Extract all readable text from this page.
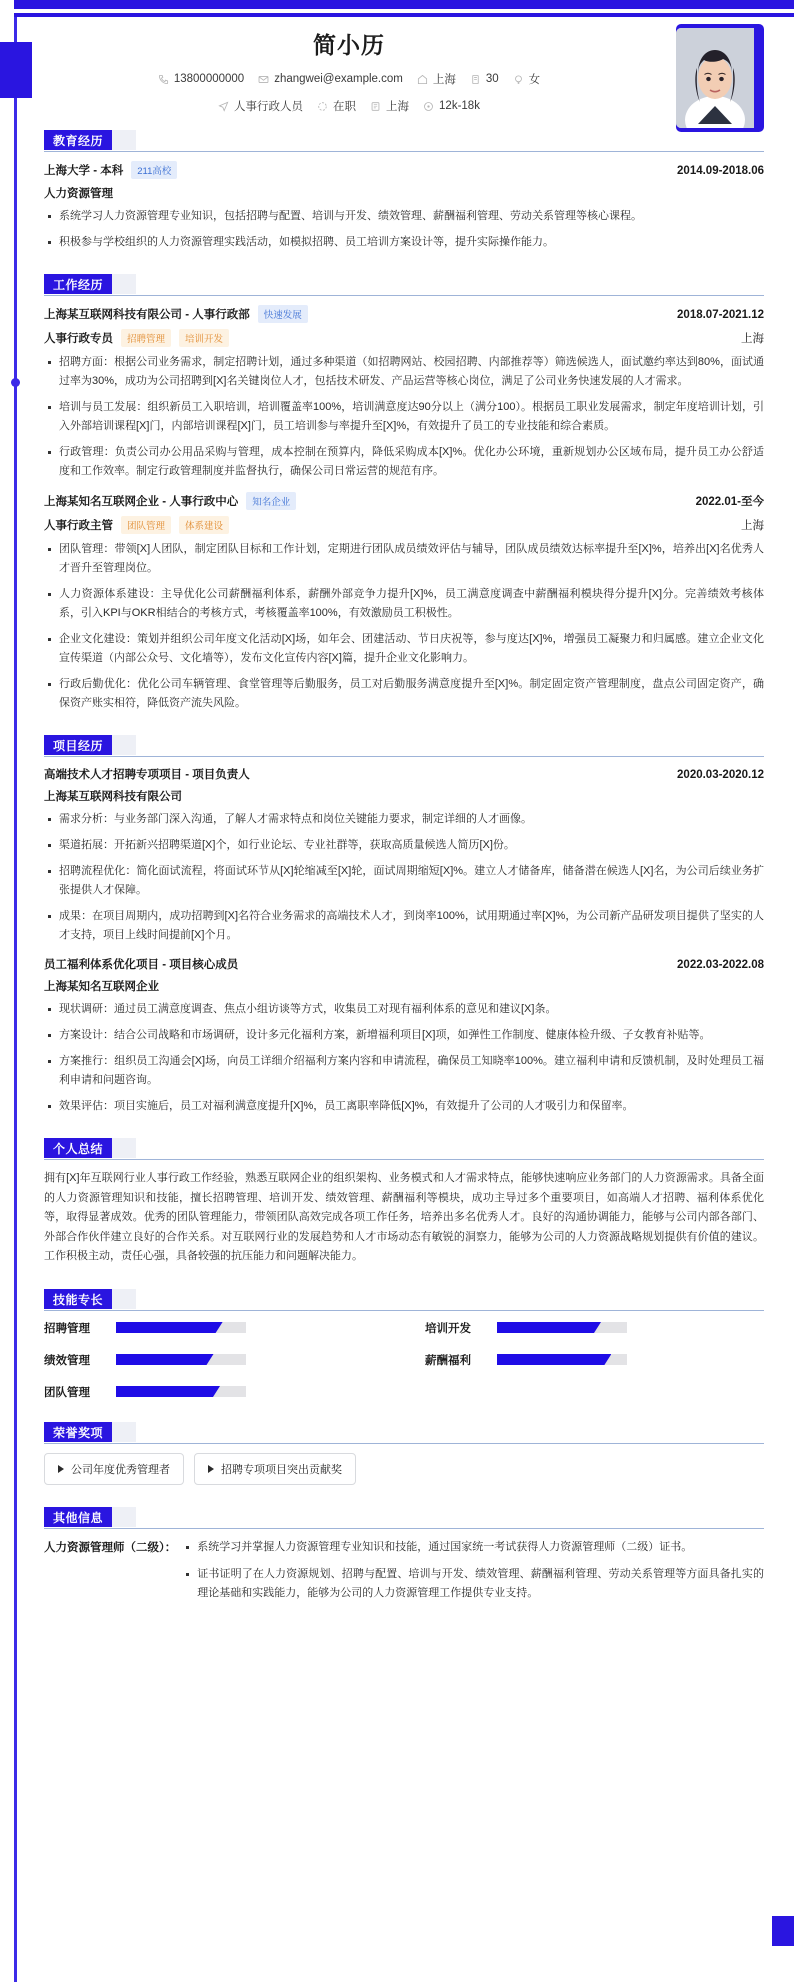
简小历
13800000000	zhangwei@example.com	上海	30	女
人事行政人员	在职	上海	12k-18k
教育经历
上海大学 - 本科	211高校	2014.09-2018.06
人力资源管理
系统学习人力资源管理专业知识，包括招聘与配置、培训与开发、绩效管理、薪酬福利管理、劳动关系管理等核心课程。
积极参与学校组织的人力资源管理实践活动，如模拟招聘、员工培训方案设计等，提升实际操作能力。
工作经历
上海某互联网科技有限公司 - 人事行政部	快速发展	2018.07-2021.12
人事行政专员	招聘管理	培训开发	上海
招聘方面：根据公司业务需求，制定招聘计划，通过多种渠道（如招聘网站、校园招聘、内部推荐等）筛选候选人，面试邀约率达到80%，面试通过率为30%，成功为公司招聘到[X]名关键岗位人才，包括技术研发、产品运营等核心岗位，满足了公司业务快速发展的人才需求。
培训与员工发展：组织新员工入职培训，培训覆盖率100%，培训满意度达90分以上（满分100）。根据员工职业发展需求，制定年度培训计划，引入外部培训课程[X]门，内部培训课程[X]门，员工培训参与率提升至[X]%，有效提升了员工的专业技能和综合素质。
行政管理：负责公司办公用品采购与管理，成本控制在预算内，降低采购成本[X]%。优化办公环境，重新规划办公区域布局，提升员工办公舒适度和工作效率。制定行政管理制度并监督执行，确保公司日常运营的规范有序。
上海某知名互联网企业 - 人事行政中心	知名企业	2022.01-至今
人事行政主管	团队管理	体系建设	上海
团队管理：带领[X]人团队，制定团队目标和工作计划，定期进行团队成员绩效评估与辅导，团队成员绩效达标率提升至[X]%，培养出[X]名优秀人才晋升至管理岗位。
人力资源体系建设：主导优化公司薪酬福利体系，薪酬外部竞争力提升[X]%，员工满意度调查中薪酬福利模块得分提升[X]分。完善绩效考核体系，引入KPI与OKR相结合的考核方式，考核覆盖率100%，有效激励员工积极性。
企业文化建设：策划并组织公司年度文化活动[X]场，如年会、团建活动、节日庆祝等，参与度达[X]%，增强员工凝聚力和归属感。建立企业文化宣传渠道（内部公众号、文化墙等），发布文化宣传内容[X]篇，提升企业文化影响力。
行政后勤优化：优化公司车辆管理、食堂管理等后勤服务，员工对后勤服务满意度提升至[X]%。制定固定资产管理制度，盘点公司固定资产，确保资产账实相符，降低资产流失风险。
项目经历
高端技术人才招聘专项项目 - 项目负责人	2020.03-2020.12
上海某互联网科技有限公司
需求分析：与业务部门深入沟通，了解人才需求特点和岗位关键能力要求，制定详细的人才画像。
渠道拓展：开拓新兴招聘渠道[X]个，如行业论坛、专业社群等，获取高质量候选人简历[X]份。
招聘流程优化：简化面试流程，将面试环节从[X]轮缩减至[X]轮，面试周期缩短[X]%。建立人才储备库，储备潜在候选人[X]名，为公司后续业务扩张提供人才保障。
成果：在项目周期内，成功招聘到[X]名符合业务需求的高端技术人才，到岗率100%，试用期通过率[X]%，为公司新产品研发项目提供了坚实的人才支持，项目上线时间提前[X]个月。
员工福利体系优化项目 - 项目核心成员	2022.03-2022.08
上海某知名互联网企业
现状调研：通过员工满意度调查、焦点小组访谈等方式，收集员工对现有福利体系的意见和建议[X]条。
方案设计：结合公司战略和市场调研，设计多元化福利方案，新增福利项目[X]项，如弹性工作制度、健康体检升级、子女教育补贴等。
方案推行：组织员工沟通会[X]场，向员工详细介绍福利方案内容和申请流程，确保员工知晓率100%。建立福利申请和反馈机制，及时处理员工福利申请和问题咨询。
效果评估：项目实施后，员工对福利满意度提升[X]%，员工离职率降低[X]%，有效提升了公司的人才吸引力和保留率。
个人总结
拥有[X]年互联网行业人事行政工作经验，熟悉互联网企业的组织架构、业务模式和人才需求特点，能够快速响应业务部门的人力资源需求。具备全面的人力资源管理知识和技能，擅长招聘管理、培训开发、绩效管理、薪酬福利等模块，成功主导过多个重要项目，如高端人才招聘、福利体系优化等，取得显著成效。优秀的团队管理能力，带领团队高效完成各项工作任务，培养出多名优秀人才。良好的沟通协调能力，能够与公司内部各部门、外部合作伙伴建立良好的合作关系。对互联网行业的发展趋势和人才市场动态有敏锐的洞察力，能够为公司的人力资源战略规划提供有价值的建议。工作积极主动，责任心强，具备较强的抗压能力和问题解决能力。
技能专长
招聘管理	培训开发
绩效管理	薪酬福利
团队管理
荣誉奖项
公司年度优秀管理者	招聘专项项目突出贡献奖
其他信息
人力资源管理师（二级）：	系统学习并掌握人力资源管理专业知识和技能，通过国家统一考试获得人力资源管理师（二级）证书。
证书证明了在人力资源规划、招聘与配置、培训与开发、绩效管理、薪酬福利管理、劳动关系管理等方面具备扎实的理论基础和实践能力，能够为公司的人力资源管理工作提供专业支持。
